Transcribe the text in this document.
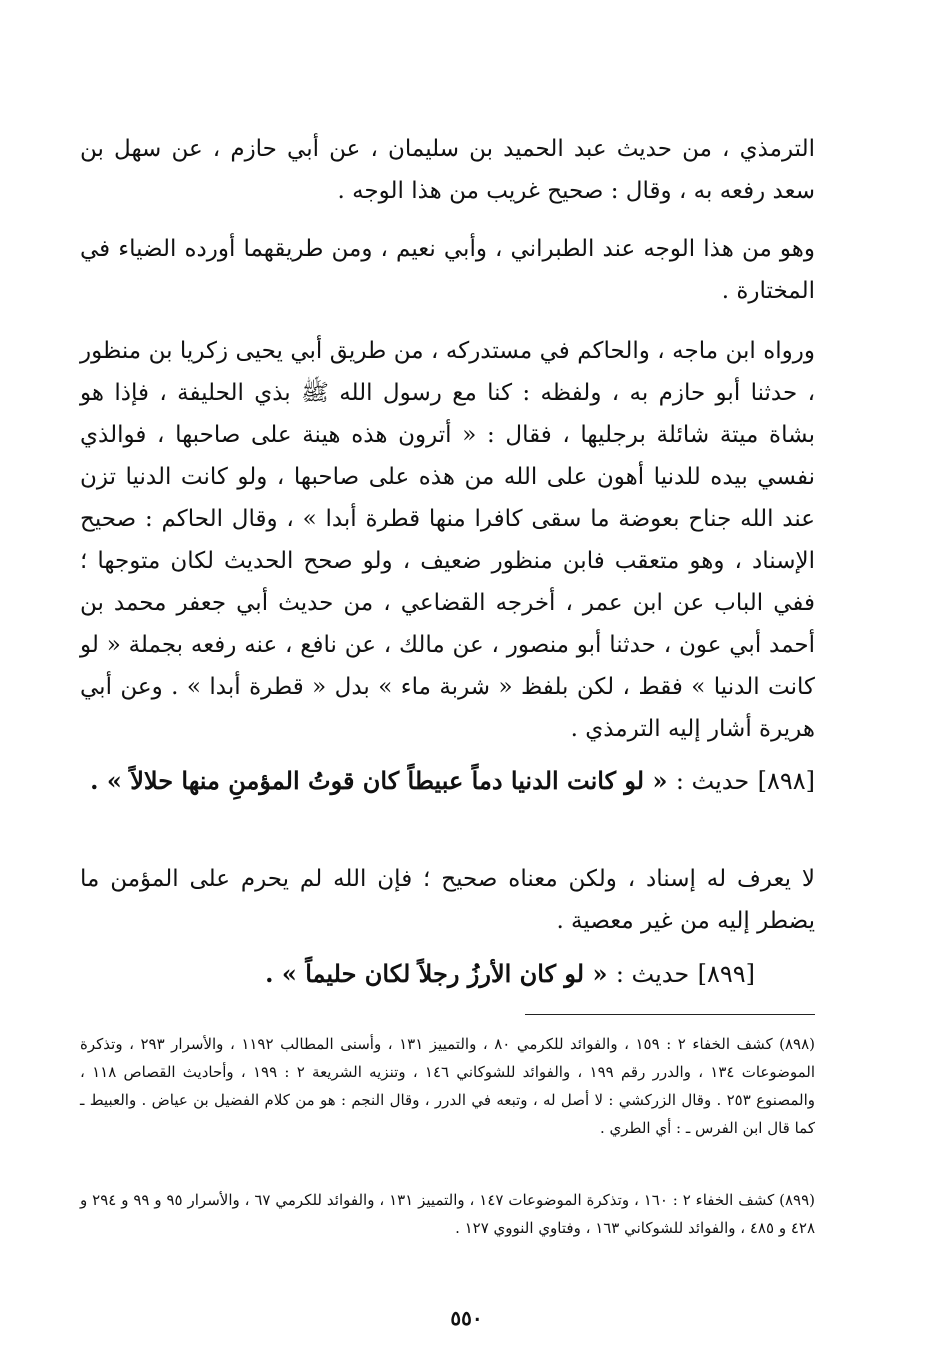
الترمذي ، من حديث عبد الحميد بن سليمان ، عن أبي حازم ، عن سهل بن سعد رفعه به ، وقال : صحيح غريب من هذا الوجه .
وهو من هذا الوجه عند الطبراني ، وأبي نعيم ، ومن طريقهما أورده الضياء في المختارة .
ورواه ابن ماجه ، والحاكم في مستدركه ، من طريق أبي يحيى زكريا بن منظور ، حدثنا أبو حازم به ، ولفظه : كنا مع رسول الله ﷺ بذي الحليفة ، فإذا هو بشاة ميتة شائلة برجليها ، فقال : « أترون هذه هينة على صاحبها ، فوالذي نفسي بيده للدنيا أهون على الله من هذه على صاحبها ، ولو كانت الدنيا تزن عند الله جناح بعوضة ما سقى كافرا منها قطرة أبدا » ، وقال الحاكم : صحيح الإسناد ، وهو متعقب فابن منظور ضعيف ، ولو صحح الحديث لكان متوجها ؛ ففي الباب عن ابن عمر ، أخرجه القضاعي ، من حديث أبي جعفر محمد بن أحمد أبي عون ، حدثنا أبو منصور ، عن مالك ، عن نافع ، عنه رفعه بجملة « لو كانت الدنيا » فقط ، لكن بلفظ « شربة ماء » بدل « قطرة أبدا » . وعن أبي هريرة أشار إليه الترمذي .
[٨٩٨] حديث : « لو كانت الدنيا دماً عبيطاً كان قوتُ المؤمنِ منها حلالاً » .
لا يعرف له إسناد ، ولكن معناه صحيح ؛ فإن الله لم يحرم على المؤمن ما يضطر إليه من غير معصية .
[٨٩٩] حديث : « لو كان الأرزُ رجلاً لكان حليماً » .
(٨٩٨) كشف الخفاء ٢ : ١٥٩ ، والفوائد للكرمي ٨٠ ، والتمييز ١٣١ ، وأسنى المطالب ١١٩٢ ، والأسرار ٢٩٣ ، وتذكرة الموضوعات ١٣٤ ، والدرر رقم ١٩٩ ، والفوائد للشوكاني ١٤٦ ، وتنزيه الشريعة ٢ : ١٩٩ ، وأحاديث القصاص ١١٨ ، والمصنوع ٢٥٣ . وقال الزركشي : لا أصل له ، وتبعه في الدرر ، وقال النجم : هو من كلام الفضيل بن عياض . والعبيط ـ كما قال ابن الفرس ـ : أي الطري .
(٨٩٩) كشف الخفاء ٢ : ١٦٠ ، وتذكرة الموضوعات ١٤٧ ، والتمييز ١٣١ ، والفوائد للكرمي ٦٧ ، والأسرار ٩٥ و ٩٩ و ٢٩٤ و ٤٢٨ و ٤٨٥ ، والفوائد للشوكاني ١٦٣ ، وفتاوي النووي ١٢٧ .
٥٥٠
